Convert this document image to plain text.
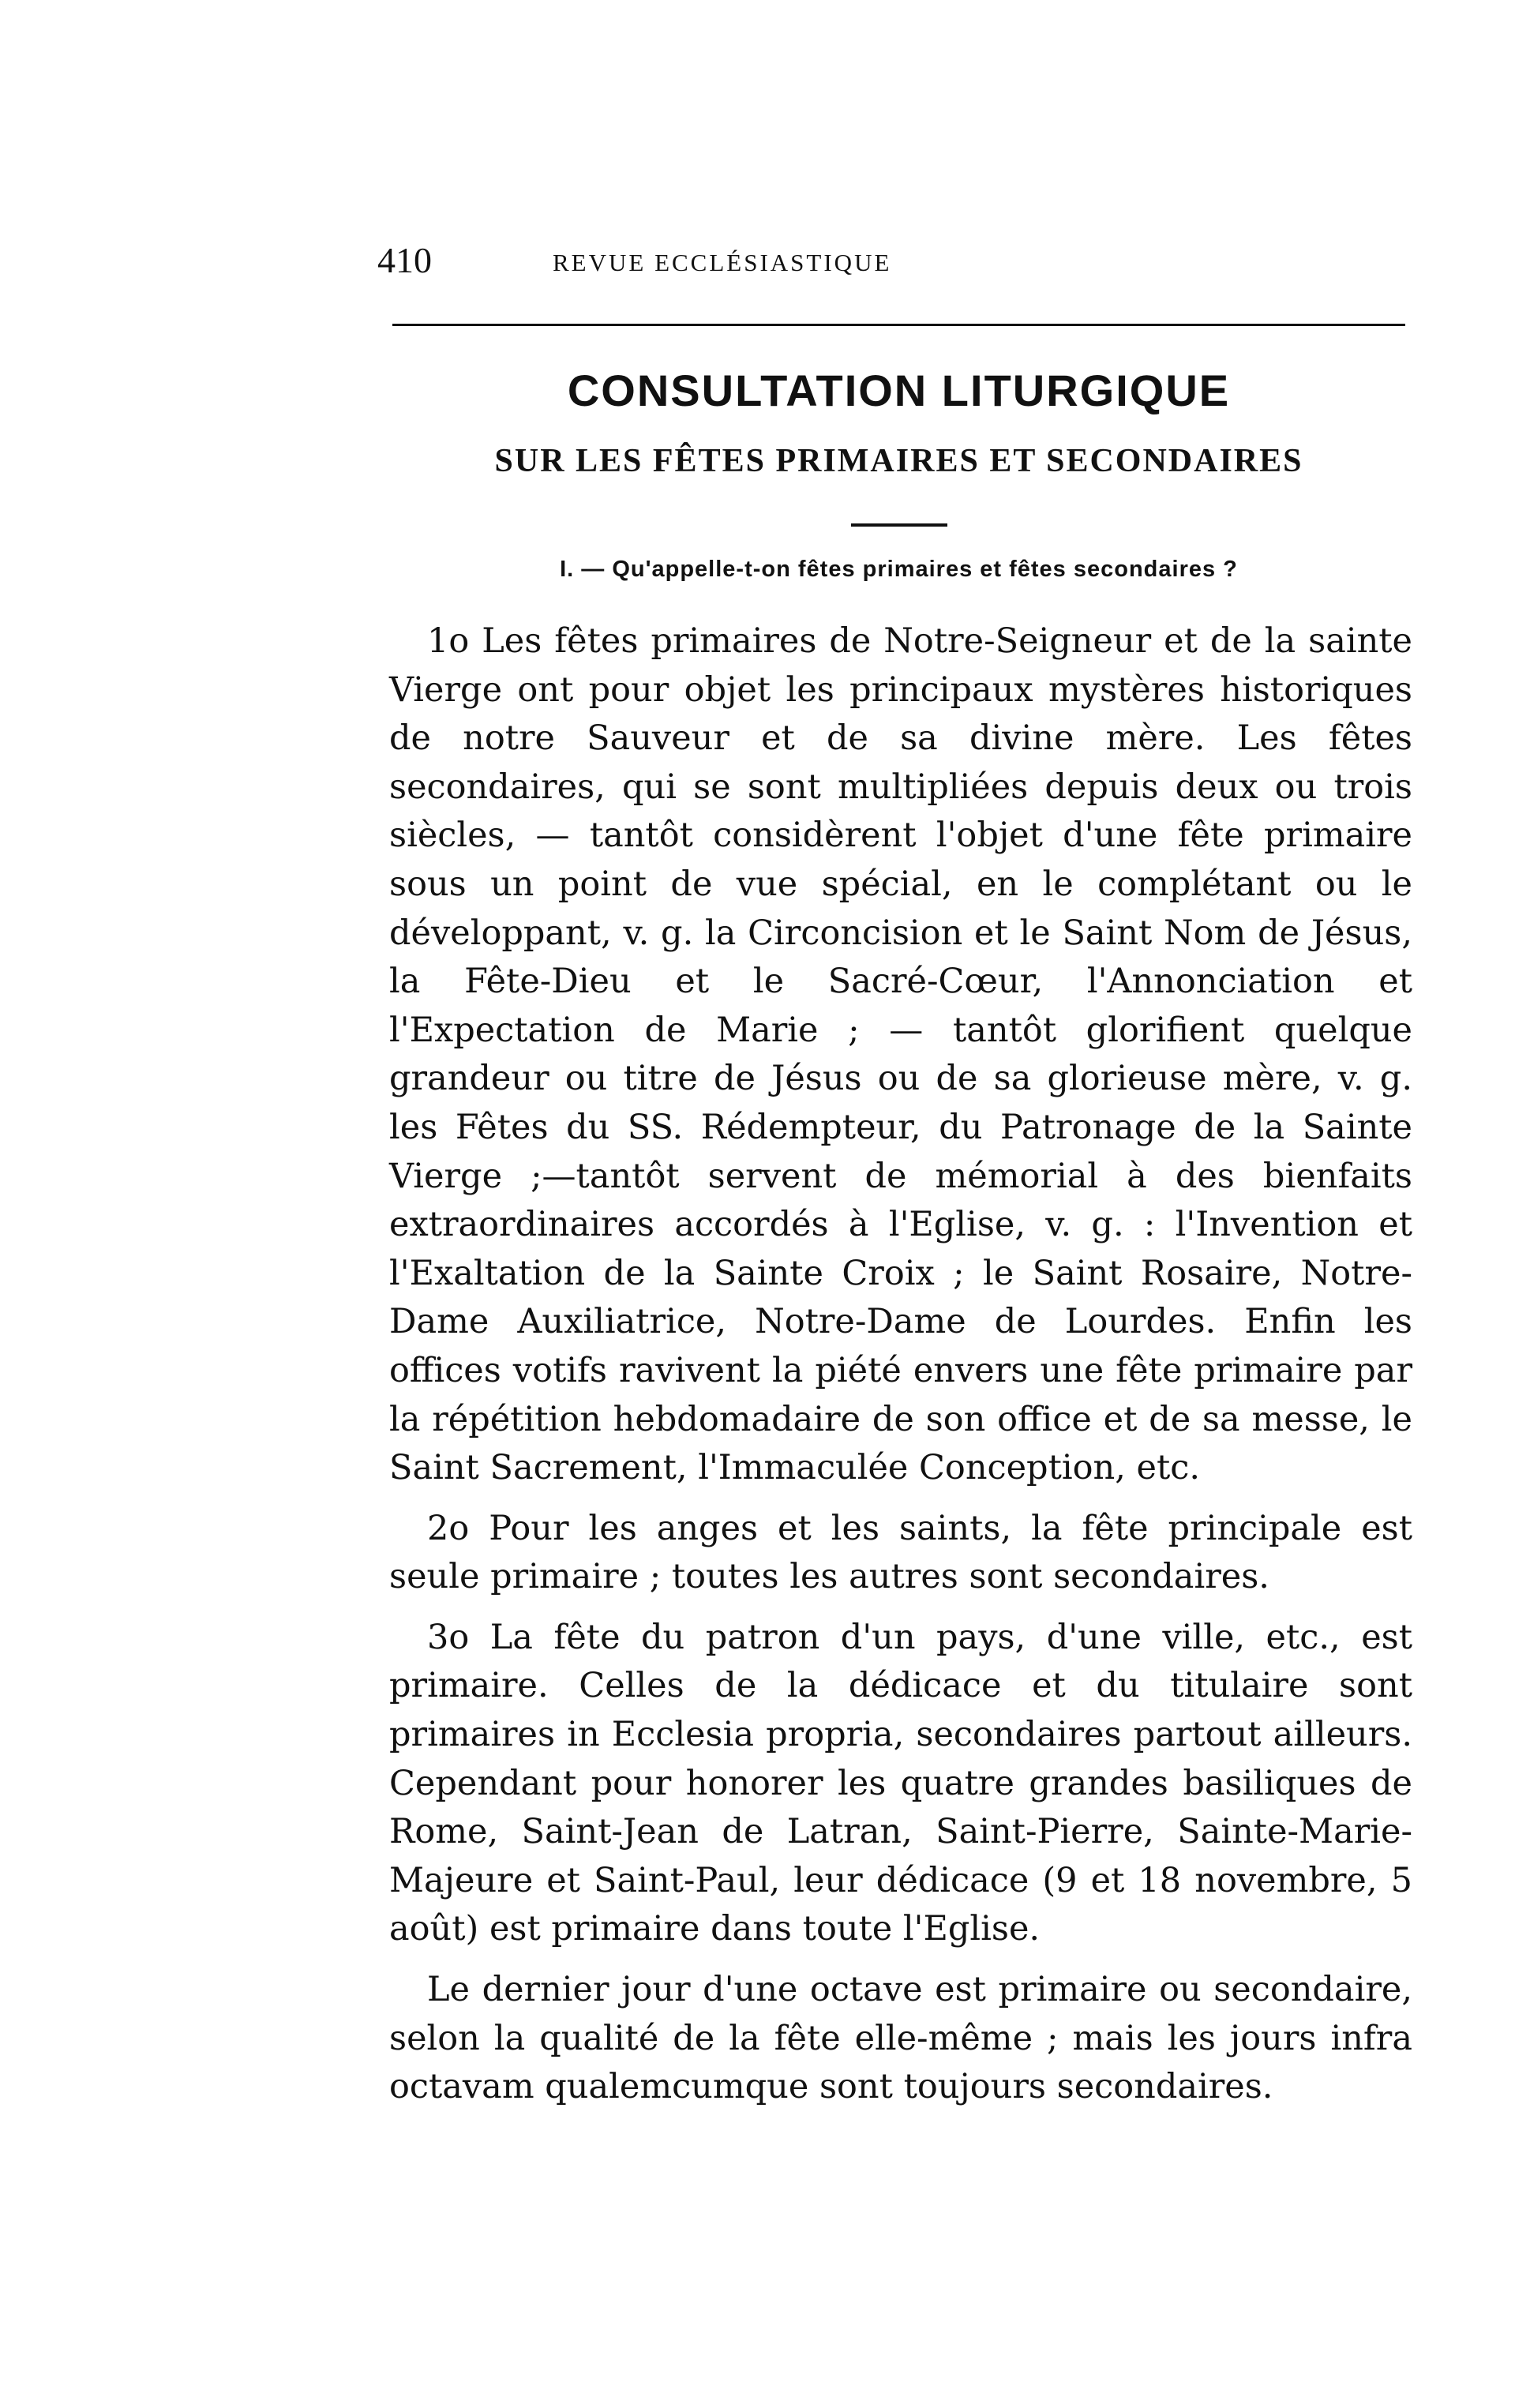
410	REVUE ECCLÉSIASTIQUE
CONSULTATION LITURGIQUE
SUR LES FÊTES PRIMAIRES ET SECONDAIRES
I. — Qu'appelle-t-on fêtes primaires et fêtes secondaires ?

1o Les fêtes primaires de Notre-Seigneur et de la sainte Vierge ont pour objet les principaux mystères historiques de notre Sauveur et de sa divine mère. Les fêtes secondaires, qui se sont multipliées depuis deux ou trois siècles, — tantôt considèrent l'objet d'une fête primaire sous un point de vue spécial, en le complétant ou le développant, v. g. la Circoncision et le Saint Nom de Jésus, la Fête-Dieu et le Sacré-Cœur, l'Annonciation et l'Expectation de Marie ; — tantôt glorifient quelque grandeur ou titre de Jésus ou de sa glorieuse mère, v. g. les Fêtes du SS. Rédempteur, du Patronage de la Sainte Vierge ;—tantôt servent de mémorial à des bienfaits extraordinaires accordés à l'Eglise, v. g. : l'Invention et l'Exaltation de la Sainte Croix ; le Saint Rosaire, Notre-Dame Auxiliatrice, Notre-Dame de Lourdes. Enfin les offices votifs ravivent la piété envers une fête primaire par la répétition hebdomadaire de son office et de sa messe, le Saint Sacrement, l'Immaculée Conception, etc.

2o Pour les anges et les saints, la fête principale est seule primaire ; toutes les autres sont secondaires.

3o La fête du patron d'un pays, d'une ville, etc., est primaire. Celles de la dédicace et du titulaire sont primaires in Ecclesia propria, secondaires partout ailleurs. Cependant pour honorer les quatre grandes basiliques de Rome, Saint-Jean de Latran, Saint-Pierre, Sainte-Marie-Majeure et Saint-Paul, leur dédicace (9 et 18 novembre, 5 août) est primaire dans toute l'Eglise.

Le dernier jour d'une octave est primaire ou secondaire, selon la qualité de la fête elle-même ; mais les jours infra octavam qualemcumque sont toujours secondaires.
